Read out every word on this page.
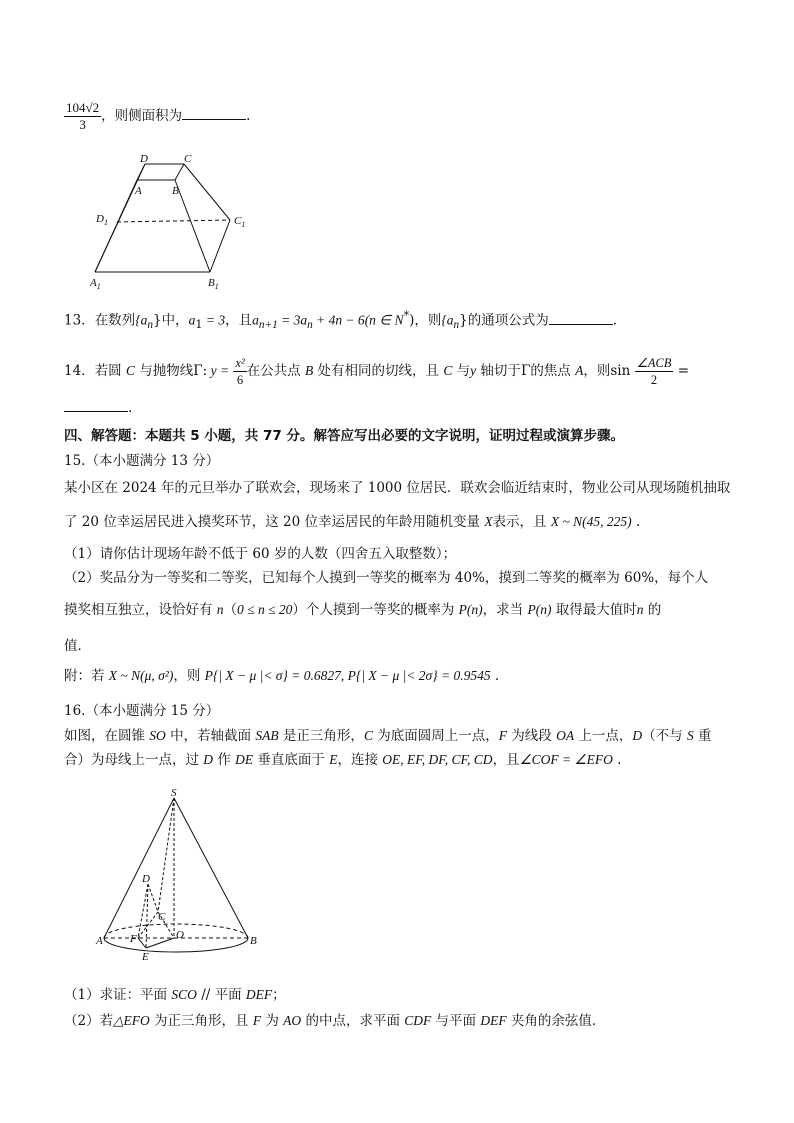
$\frac{104√2}{3}$ ，则侧面积为	.
D	C
A	B
$D_1$	$C_1$
$A_1$	$B_1$
13．在数列$\{a_n\}$中，$a_1 = 3$，且$a_{n+1} = 3a_n + 4n - 6(n$ ∈ N*)，则$\{a_n\}$的通项公式为	.
14．若圆 C 与抛物线Γ: $y = \frac{\text{x²}}{6}$ 在公共点 B 处有相同的切线，且 C 与y 轴切于Γ的焦点 A，则$\sin \frac{\text{∠ACB}}{2}$ =
.
四、解答题：本题共 5 小题，共 77 分。解答应写出必要的文字说明，证明过程或演算步骤。
15.（本小题满分 13 分）
某小区在 2024 年的元旦举办了联欢会，现场来了 1000 位居民．联欢会临近结束时，物业公司从现场随机抽取
了 20 位幸运居民进入摸奖环节，这 20 位幸运居民的年龄用随机变量 X表示，且 X ~ N(45, 225) .
（1）请你估计现场年龄不低于 60 岁的人数（四舍五入取整数）；
（2）奖品分为一等奖和二等奖，已知每个人摸到一等奖的概率为 40%，摸到二等奖的概率为 60%，每个人
摸奖相互独立，设恰好有 n（0 ≤ n ≤ 20）个人摸到一等奖的概率为 P(n)，求当 P(n) 取得最大值时n 的
值．
附：若 X ~ N(μ, σ²)，则 P{| X − μ |< σ} = 0.6827, P{| X − μ |< 2σ} = 0.9545 .
16.（本小题满分 15 分）
如图，在圆锥 SO 中，若轴截面 SAB 是正三角形，C 为底面圆周上一点，F 为线段 OA 上一点，D（不与 S 重
合）为母线上一点，过 D 作 DE 垂直底面于 E，连接 OE, EF, DF, CF, CD，且∠COF = ∠EFO .
S
D
C
A F	O	B
E
（1）求证：平面 SCO // 平面 DEF；
（2）若△EFO 为正三角形，且 F 为 AO 的中点，求平面 CDF 与平面 DEF 夹角的余弦值．
